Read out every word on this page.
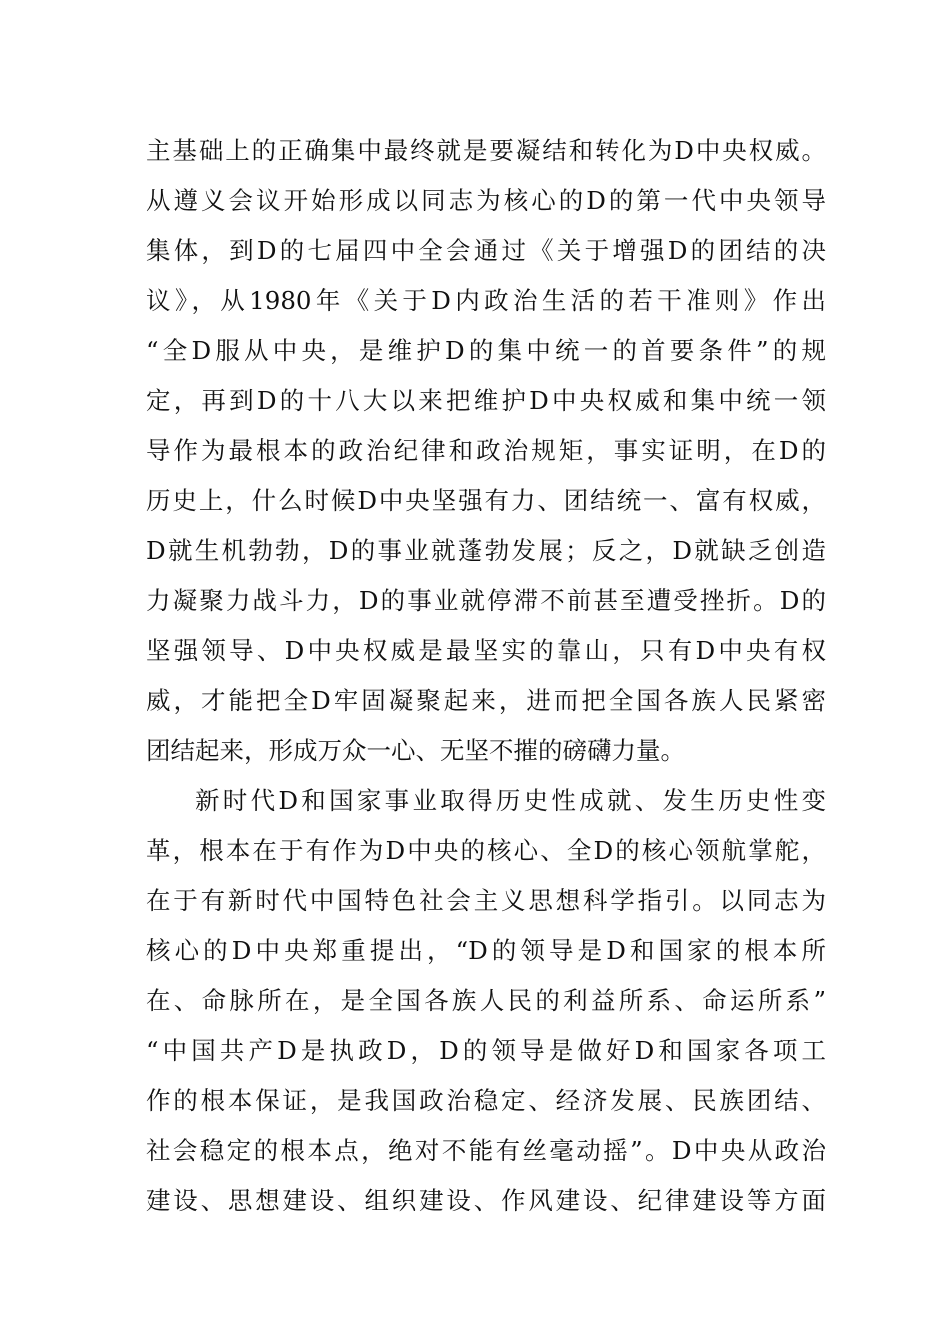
主基础上的正确集中最终就是要凝结和转化为D中央权威。
从遵义会议开始形成以同志为核心的D的第一代中央领导
集体，到D的七届四中全会通过《关于增强D的团结的决
议》，从1980年《关于D内政治生活的若干准则》作出
“全D服从中央，是维护D的集中统一的首要条件”的规
定，再到D的十八大以来把维护D中央权威和集中统一领
导作为最根本的政治纪律和政治规矩，事实证明，在D的
历史上，什么时候D中央坚强有力、团结统一、富有权威，
D就生机勃勃，D的事业就蓬勃发展；反之，D就缺乏创造
力凝聚力战斗力，D的事业就停滞不前甚至遭受挫折。D的
坚强领导、D中央权威是最坚实的靠山，只有D中央有权
威，才能把全D牢固凝聚起来，进而把全国各族人民紧密
团结起来，形成万众一心、无坚不摧的磅礴力量。
新时代D和国家事业取得历史性成就、发生历史性变
革，根本在于有作为D中央的核心、全D的核心领航掌舵，
在于有新时代中国特色社会主义思想科学指引。以同志为
核心的D中央郑重提出，“D的领导是D和国家的根本所
在、命脉所在，是全国各族人民的利益所系、命运所系”
“中国共产D是执政D，D的领导是做好D和国家各项工
作的根本保证，是我国政治稳定、经济发展、民族团结、
社会稳定的根本点，绝对不能有丝毫动摇”。D中央从政治
建设、思想建设、组织建设、作风建设、纪律建设等方面
